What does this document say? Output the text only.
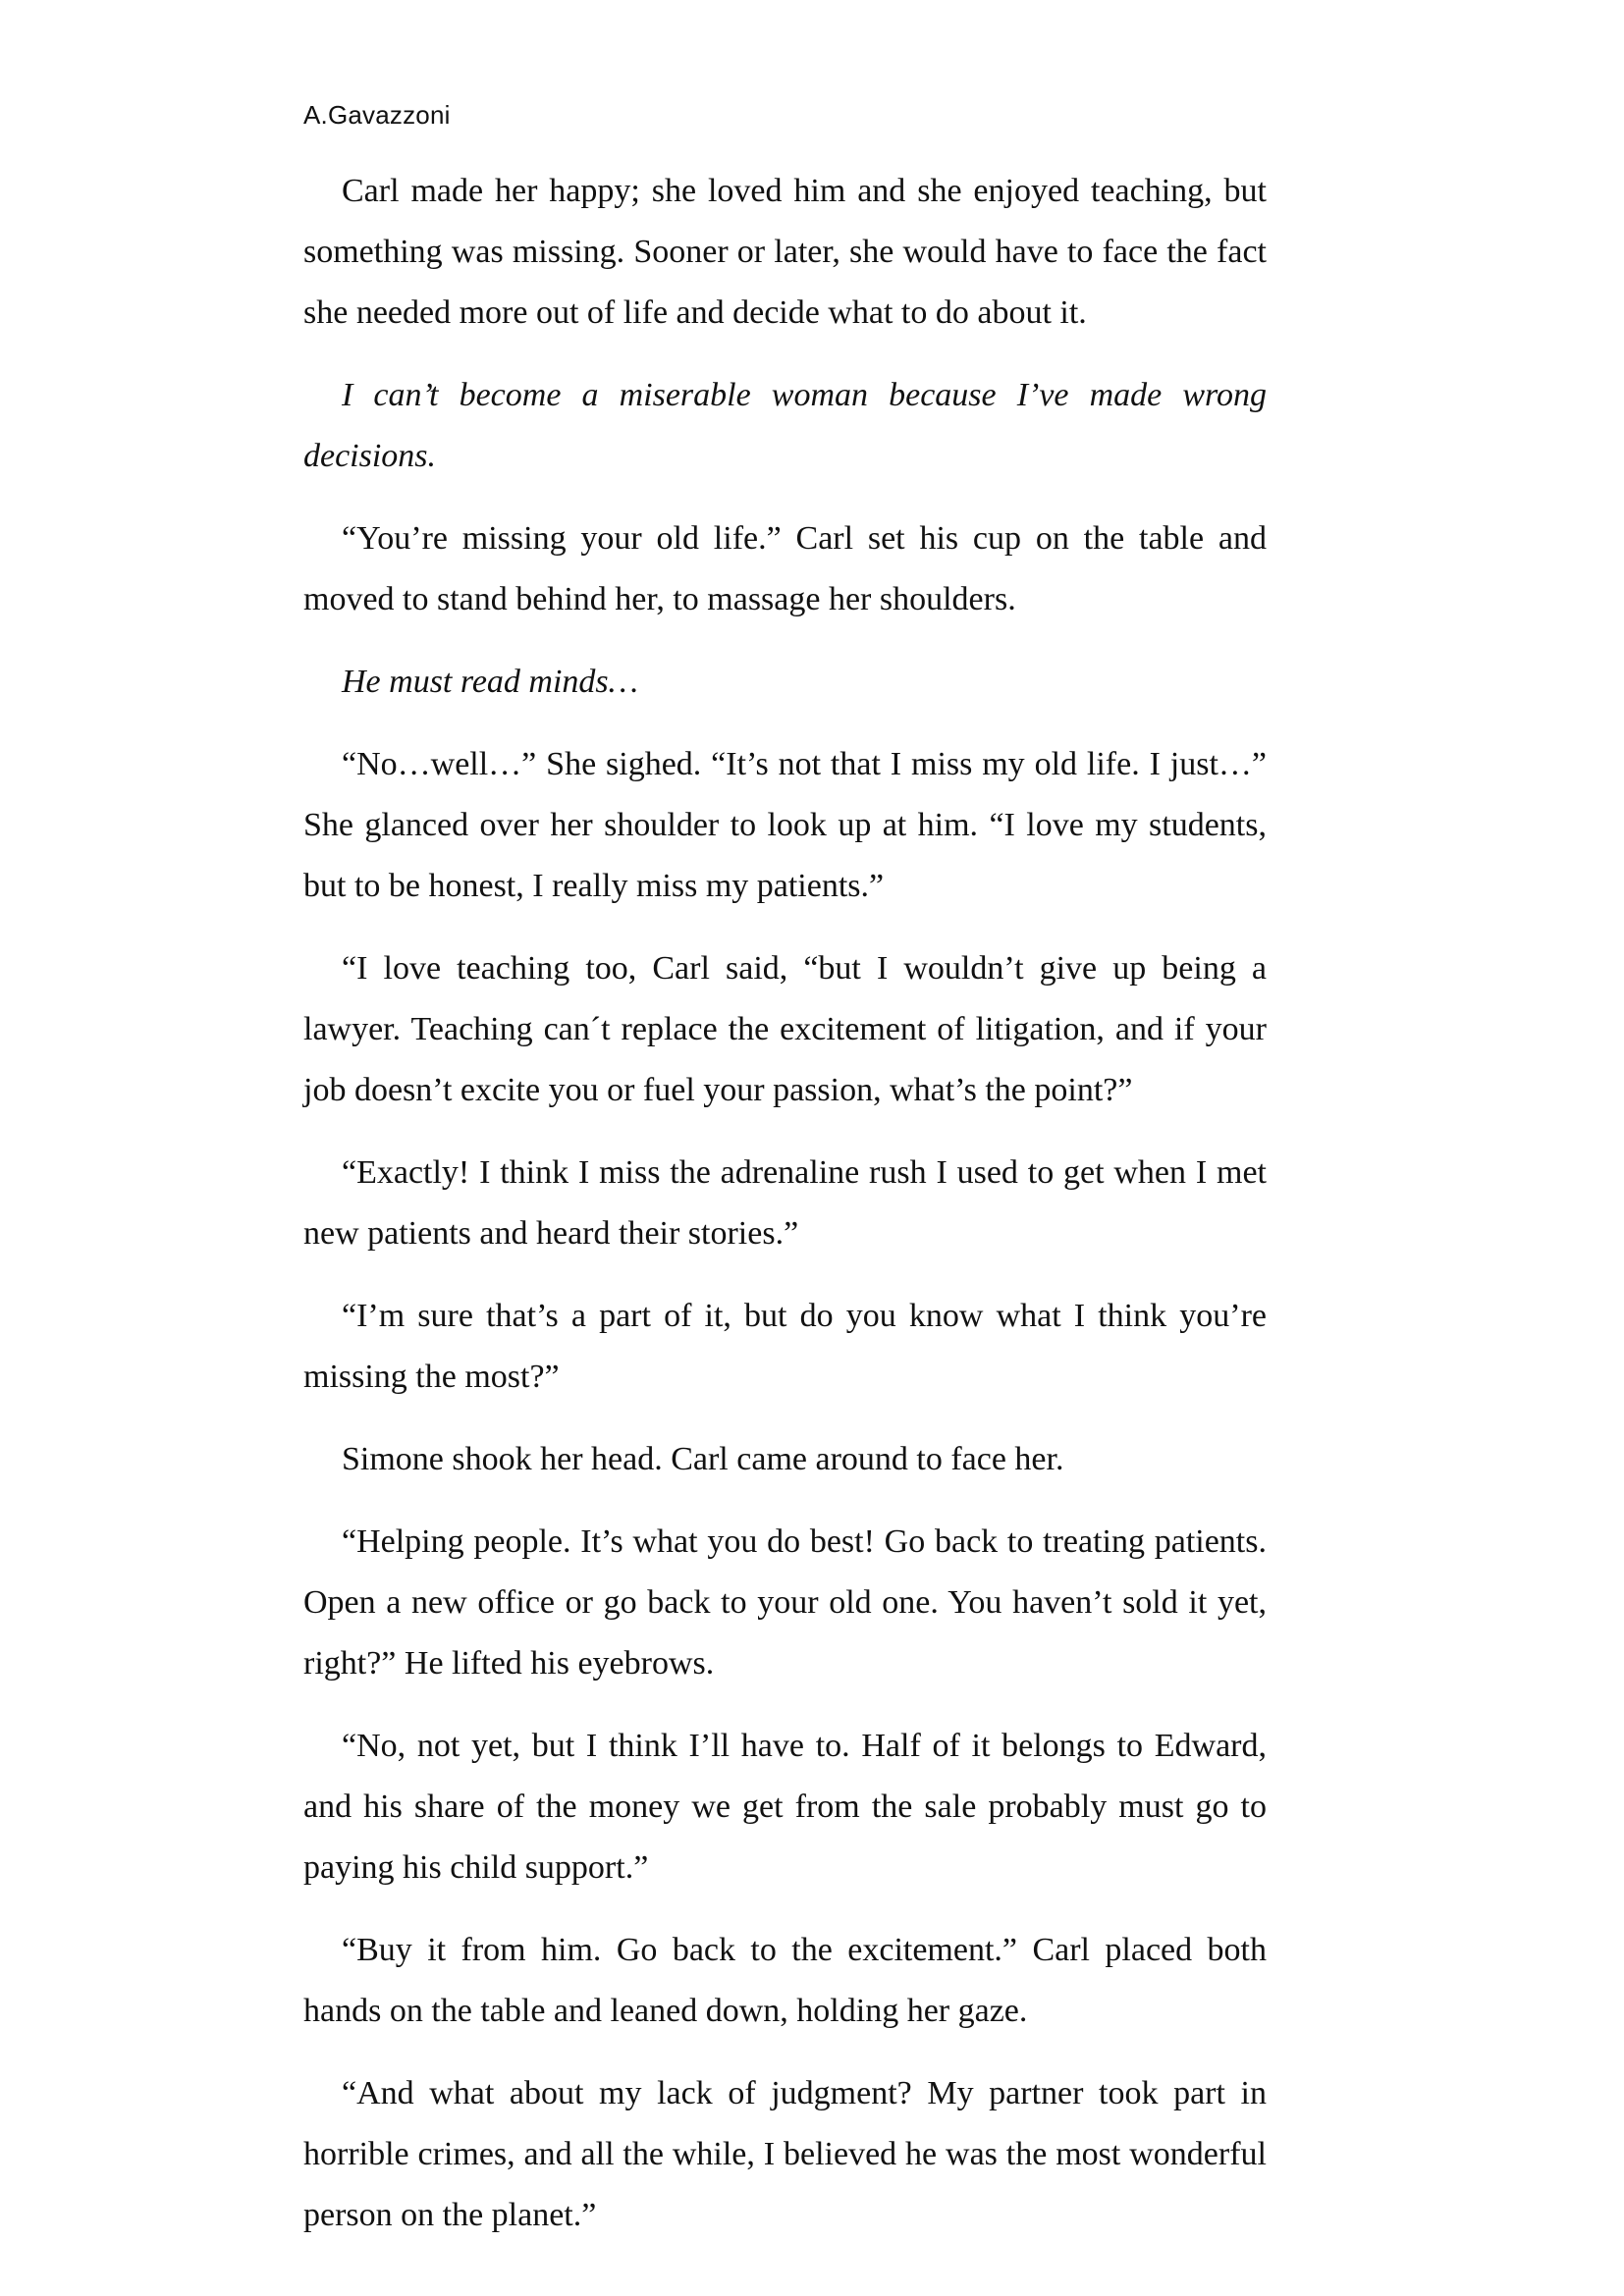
A.Gavazzoni

Carl made her happy; she loved him and she enjoyed teaching, but something was missing. Sooner or later, she would have to face the fact she needed more out of life and decide what to do about it.

I can’t become a miserable woman because I’ve made wrong decisions.

“You’re missing your old life.” Carl set his cup on the table and moved to stand behind her, to massage her shoulders.

He must read minds…

“No…well…” She sighed. “It’s not that I miss my old life. I just…” She glanced over her shoulder to look up at him. “I love my students, but to be honest, I really miss my patients.”

“I love teaching too, Carl said, “but I wouldn’t give up being a lawyer. Teaching can´t replace the excitement of litigation, and if your job doesn’t excite you or fuel your passion, what’s the point?”

“Exactly! I think I miss the adrenaline rush I used to get when I met new patients and heard their stories.”

“I’m sure that’s a part of it, but do you know what I think you’re missing the most?”

Simone shook her head. Carl came around to face her.

“Helping people. It’s what you do best! Go back to treating patients. Open a new office or go back to your old one. You haven’t sold it yet, right?” He lifted his eyebrows.

“No, not yet, but I think I’ll have to. Half of it belongs to Edward, and his share of the money we get from the sale probably must go to paying his child support.”

“Buy it from him. Go back to the excitement.” Carl placed both hands on the table and leaned down, holding her gaze.

“And what about my lack of judgment? My partner took part in horrible crimes, and all the while, I believed he was the most wonderful person on the planet.”
